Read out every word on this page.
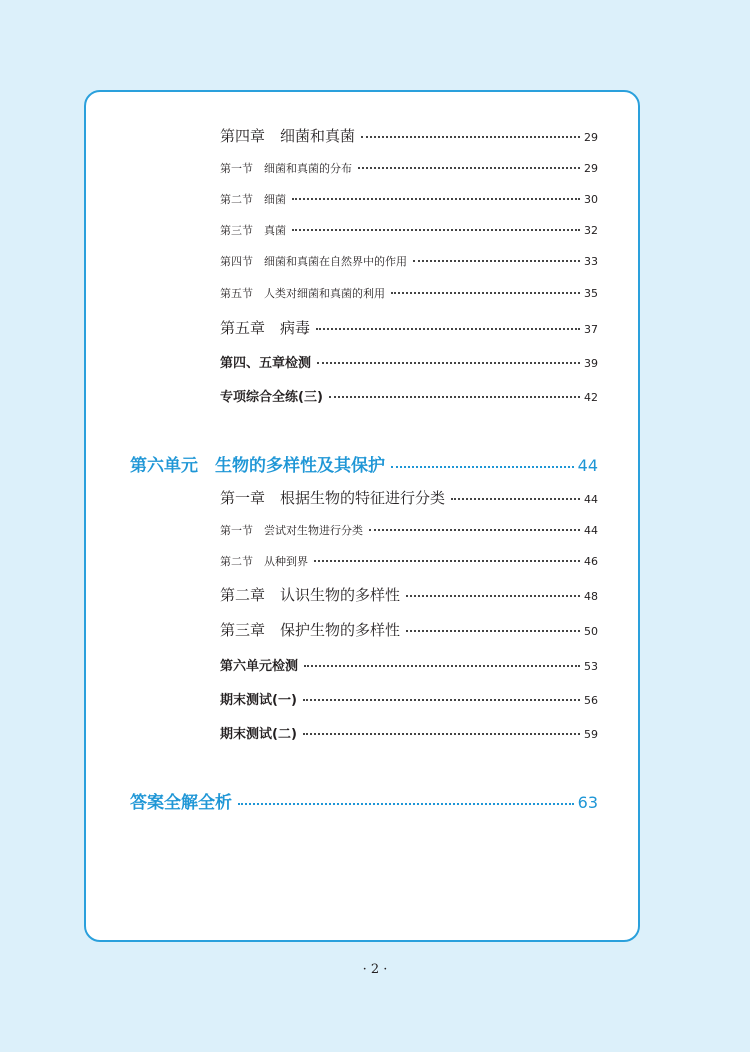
第四章　细菌和真菌	29
第一节　细菌和真菌的分布	29
第二节　细菌	30
第三节　真菌	32
第四节　细菌和真菌在自然界中的作用	33
第五节　人类对细菌和真菌的利用	35
第五章　病毒	37
第四、五章检测	39
专项综合全练(三)	42
第六单元　生物的多样性及其保护	44
第一章　根据生物的特征进行分类	44
第一节　尝试对生物进行分类	44
第二节　从种到界	46
第二章　认识生物的多样性	48
第三章　保护生物的多样性	50
第六单元检测	53
期末测试(一)	56
期末测试(二)	59
答案全解全析	63
· 2 ·
